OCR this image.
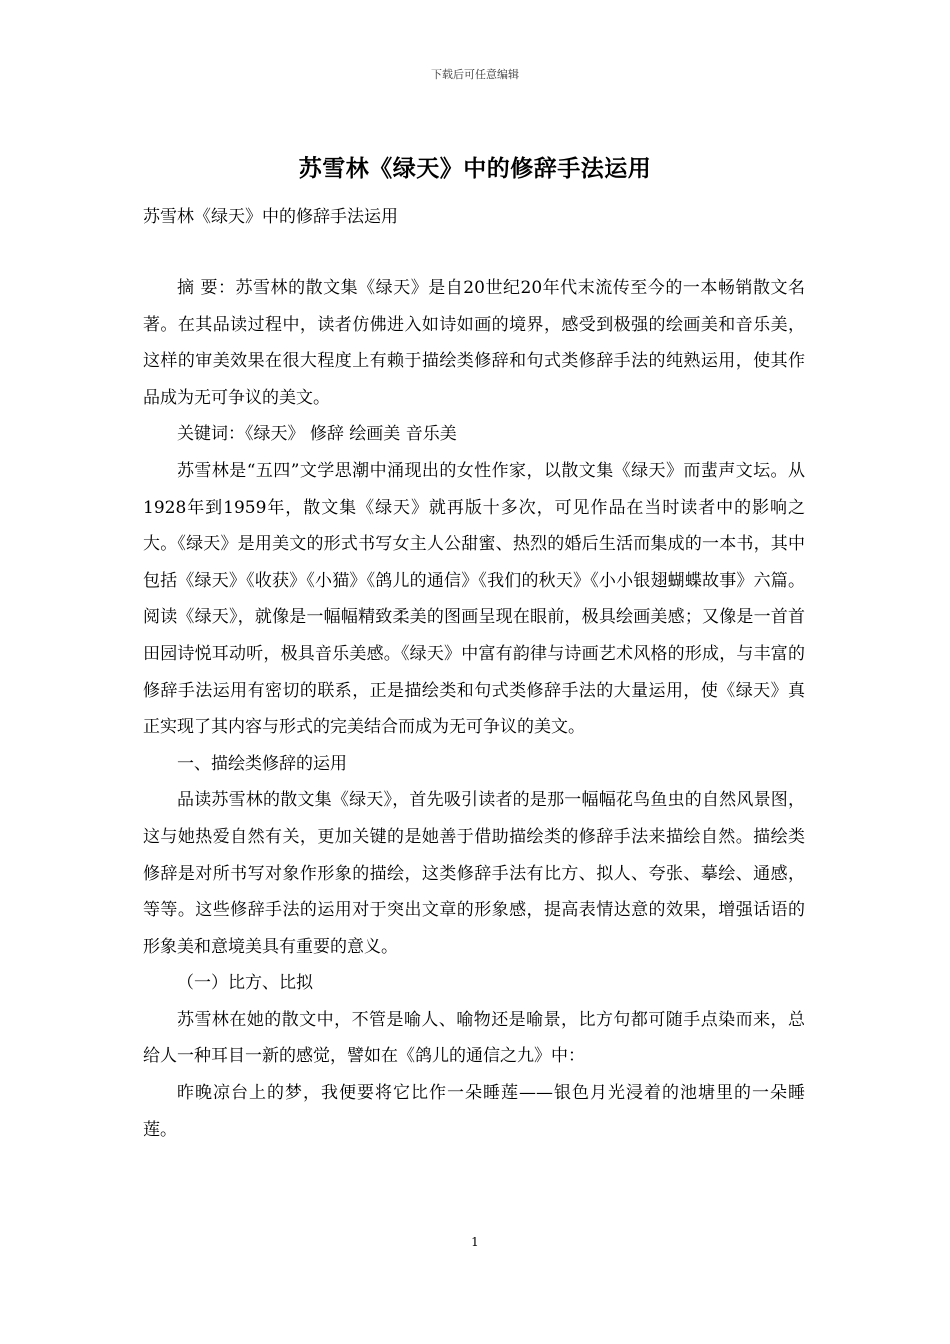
下载后可任意编辑
苏雪林《绿天》中的修辞手法运用
苏雪林《绿天》中的修辞手法运用

摘 要：苏雪林的散文集《绿天》是自20世纪20年代末流传至今的一本畅销散文名著。在其品读过程中，读者仿佛进入如诗如画的境界，感受到极强的绘画美和音乐美，这样的审美效果在很大程度上有赖于描绘类修辞和句式类修辞手法的纯熟运用，使其作品成为无可争议的美文。

关键词：《绿天》 修辞 绘画美 音乐美

苏雪林是“五四”文学思潮中涌现出的女性作家，以散文集《绿天》而蜚声文坛。从1928年到1959年，散文集《绿天》就再版十多次，可见作品在当时读者中的影响之大。《绿天》是用美文的形式书写女主人公甜蜜、热烈的婚后生活而集成的一本书，其中包括《绿天》《收获》《小猫》《鸽儿的通信》《我们的秋天》《小小银翅蝴蝶故事》六篇。阅读《绿天》，就像是一幅幅精致柔美的图画呈现在眼前，极具绘画美感；又像是一首首田园诗悦耳动听，极具音乐美感。《绿天》中富有韵律与诗画艺术风格的形成，与丰富的修辞手法运用有密切的联系，正是描绘类和句式类修辞手法的大量运用，使《绿天》真正实现了其内容与形式的完美结合而成为无可争议的美文。

一、描绘类修辞的运用

品读苏雪林的散文集《绿天》，首先吸引读者的是那一幅幅花鸟鱼虫的自然风景图，这与她热爱自然有关，更加关键的是她善于借助描绘类的修辞手法来描绘自然。描绘类修辞是对所书写对象作形象的描绘，这类修辞手法有比方、拟人、夸张、摹绘、通感，等等。这些修辞手法的运用对于突出文章的形象感，提高表情达意的效果，增强话语的形象美和意境美具有重要的意义。

（一）比方、比拟

苏雪林在她的散文中，不管是喻人、喻物还是喻景，比方句都可随手点染而来，总给人一种耳目一新的感觉，譬如在《鸽儿的通信之九》中：

昨晚凉台上的梦，我便要将它比作一朵睡莲——银色月光浸着的池塘里的一朵睡莲。

1
